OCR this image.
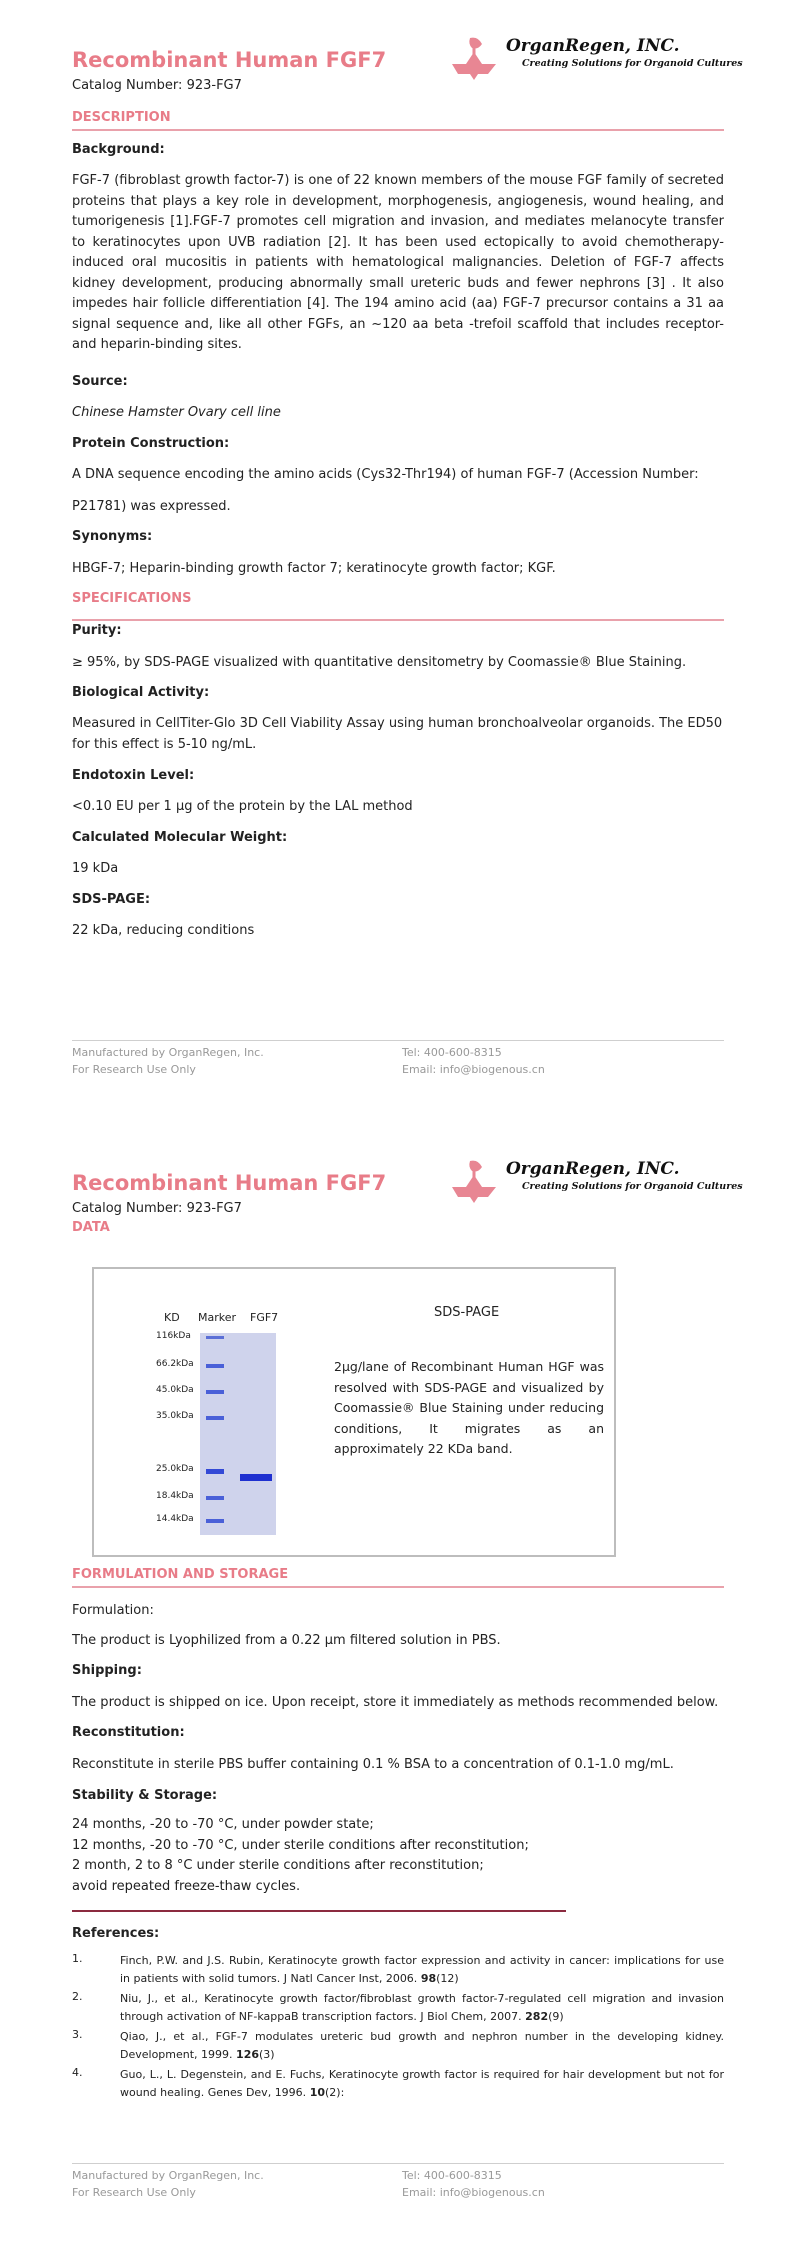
Recombinant Human FGF7
Catalog Number: 923-FG7
OrganRegen, INC.
Creating Solutions for Organoid Cultures
DESCRIPTION
Background:
FGF-7 (fibroblast growth factor-7) is one of 22 known members of the mouse FGF family of secreted proteins that plays a key role in development, morphogenesis, angiogenesis, wound healing, and tumorigenesis [1].FGF-7 promotes cell migration and invasion, and mediates melanocyte transfer to keratinocytes upon UVB radiation [2]. It has been used ectopically to avoid chemotherapy-induced oral mucositis in patients with hematological malignancies. Deletion of FGF-7 affects kidney development, producing abnormally small ureteric buds and fewer nephrons [3] . It also impedes hair follicle differentiation [4]. The 194 amino acid (aa) FGF-7 precursor contains a 31 aa signal sequence and, like all other FGFs, an ~120 aa beta -trefoil scaffold that includes receptor- and heparin-binding sites.
Source:
Chinese Hamster Ovary cell line
Protein Construction:
A DNA sequence encoding the amino acids (Cys32-Thr194) of human FGF-7 (Accession Number:
P21781) was expressed.
Synonyms:
HBGF-7; Heparin-binding growth factor 7; keratinocyte growth factor; KGF.
SPECIFICATIONS
Purity:
≥ 95%, by SDS-PAGE visualized with quantitative densitometry by Coomassie® Blue Staining.
Biological Activity:
Measured in CellTiter-Glo 3D Cell Viability Assay using human bronchoalveolar organoids. The ED50 for this effect is 5-10 ng/mL.
Endotoxin Level:
<0.10 EU per 1 μg of the protein by the LAL method
Calculated Molecular Weight:
19 kDa
SDS-PAGE:
22 kDa, reducing conditions
Manufactured by OrganRegen, Inc.
For Research Use Only
Tel: 400-600-8315
Email: info@biogenous.cn
Recombinant Human FGF7
Catalog Number: 923-FG7
OrganRegen, INC.
Creating Solutions for Organoid Cultures
DATA
KD Marker FGF7
116kDa
66.2kDa
45.0kDa
35.0kDa
25.0kDa
18.4kDa
14.4kDa
SDS-PAGE
2μg/lane of Recombinant Human HGF was resolved with SDS-PAGE and visualized by Coomassie® Blue Staining under reducing conditions, It migrates as an approximately 22 KDa band.
FORMULATION AND STORAGE
Formulation:
The product is Lyophilized from a 0.22 μm filtered solution in PBS.
Shipping:
The product is shipped on ice. Upon receipt, store it immediately as methods recommended below.
Reconstitution:
Reconstitute in sterile PBS buffer containing 0.1 % BSA to a concentration of 0.1-1.0 mg/mL.
Stability & Storage:
24 months, -20 to -70 °C, under powder state;
12 months, -20 to -70 °C, under sterile conditions after reconstitution;
2 month, 2 to 8 °C under sterile conditions after reconstitution;
avoid repeated freeze-thaw cycles.
References:
1.	Finch, P.W. and J.S. Rubin, Keratinocyte growth factor expression and activity in cancer: implications for use in patients with solid tumors. J Natl Cancer Inst, 2006. 98(12)
2.	Niu, J., et al., Keratinocyte growth factor/fibroblast growth factor-7-regulated cell migration and invasion through activation of NF-kappaB transcription factors. J Biol Chem, 2007. 282(9)
3.	Qiao, J., et al., FGF-7 modulates ureteric bud growth and nephron number in the developing kidney. Development, 1999. 126(3)
4.	Guo, L., L. Degenstein, and E. Fuchs, Keratinocyte growth factor is required for hair development but not for wound healing. Genes Dev, 1996. 10(2):
Manufactured by OrganRegen, Inc.
For Research Use Only
Tel: 400-600-8315
Email: info@biogenous.cn
